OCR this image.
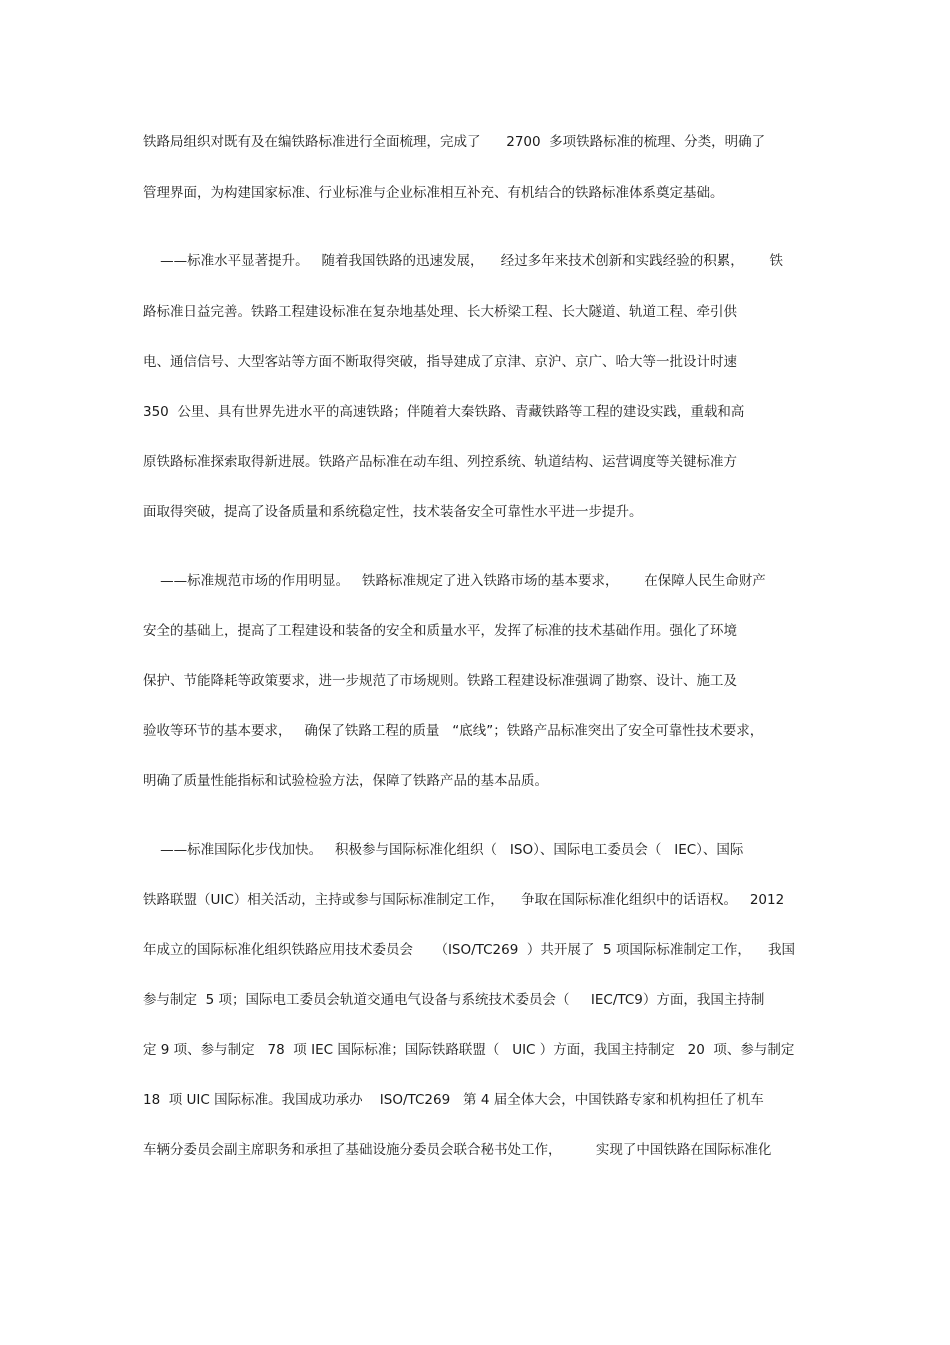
铁路局组织对既有及在编铁路标准进行全面梳理，完成了      2700  多项铁路标准的梳理、分类，明确了
管理界面，为构建国家标准、行业标准与企业标准相互补充、有机结合的铁路标准体系奠定基础。
——标准水平显著提升。   随着我国铁路的迅速发展，    经过多年来技术创新和实践经验的积累，      铁
路标准日益完善。铁路工程建设标准在复杂地基处理、长大桥梁工程、长大隧道、轨道工程、牵引供
电、通信信号、大型客站等方面不断取得突破，指导建成了京津、京沪、京广、哈大等一批设计时速
350  公里、具有世界先进水平的高速铁路；伴随着大秦铁路、青藏铁路等工程的建设实践，重载和高
原铁路标准探索取得新进展。铁路产品标准在动车组、列控系统、轨道结构、运营调度等关键标准方
面取得突破，提高了设备质量和系统稳定性，技术装备安全可靠性水平进一步提升。
——标准规范市场的作用明显。   铁路标准规定了进入铁路市场的基本要求，      在保障人民生命财产
安全的基础上，提高了工程建设和装备的安全和质量水平，发挥了标准的技术基础作用。强化了环境
保护、节能降耗等政策要求，进一步规范了市场规则。铁路工程建设标准强调了勘察、设计、施工及
验收等环节的基本要求，   确保了铁路工程的质量   “底线”；铁路产品标准突出了安全可靠性技术要求，
明确了质量性能指标和试验检验方法，保障了铁路产品的基本品质。
——标准国际化步伐加快。   积极参与国际标准化组织（   ISO）、国际电工委员会（   IEC）、国际
铁路联盟（UIC）相关活动，主持或参与国际标准制定工作，    争取在国际标准化组织中的话语权。   2012
年成立的国际标准化组织铁路应用技术委员会     （ISO/TC269  ）共开展了  5 项国际标准制定工作，    我国
参与制定  5 项；国际电工委员会轨道交通电气设备与系统技术委员会（     IEC/TC9）方面，我国主持制
定 9 项、参与制定   78  项 IEC 国际标准；国际铁路联盟（   UIC ）方面，我国主持制定   20  项、参与制定
18  项 UIC 国际标准。我国成功承办    ISO/TC269   第 4 届全体大会，中国铁路专家和机构担任了机车
车辆分委员会副主席职务和承担了基础设施分委员会联合秘书处工作，        实现了中国铁路在国际标准化
